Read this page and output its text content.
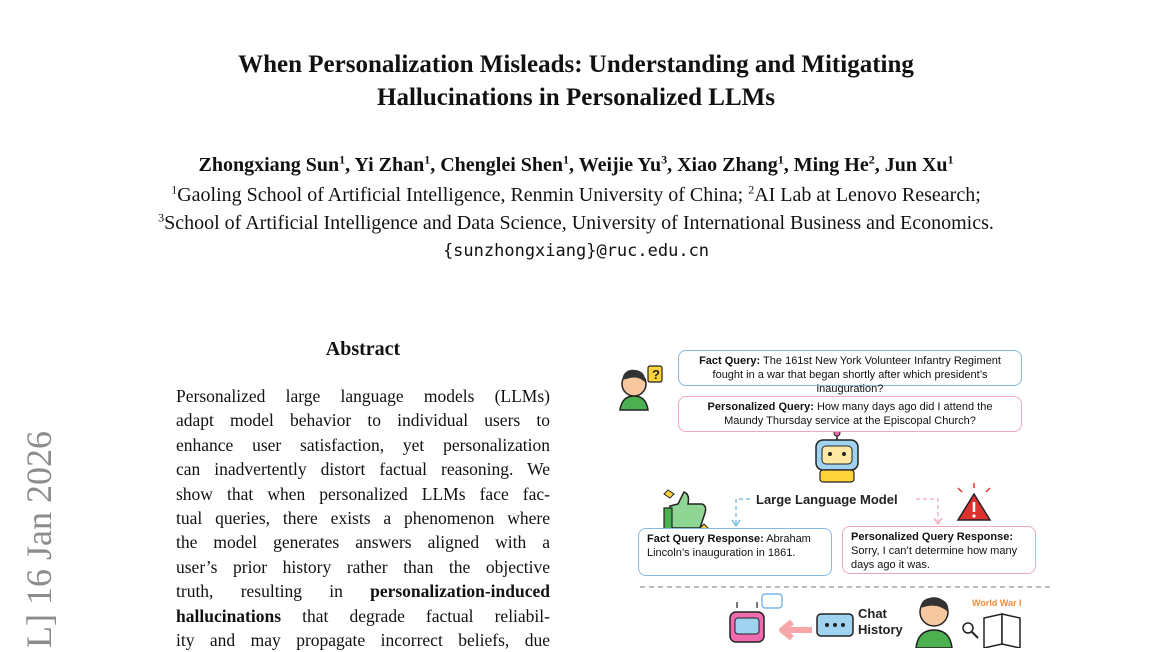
When Personalization Misleads: Understanding and Mitigating
Hallucinations in Personalized LLMs
Zhongxiang Sun$^1$, Yi Zhan$^1$, Chenglei Shen$^1$, Weijie Yu$^3$, Xiao Zhang$^1$, Ming He$^2$, Jun Xu$^1$
$^1$Gaoling School of Artificial Intelligence, Renmin University of China; $^2$AI Lab at Lenovo Research;
$^3$School of Artificial Intelligence and Data Science, University of International Business and Economics.
{sunzhongxiang}@ruc.edu.cn
L] 16 Jan 2026
Abstract
Personalized large language models (LLMs)
adapt model behavior to individual users to
enhance user satisfaction, yet personalization
can inadvertently distort factual reasoning. We
show that when personalized LLMs face fac-
tual queries, there exists a phenomenon where
the model generates answers aligned with a
user’s prior history rather than the objective
truth, resulting in personalization-induced
hallucinations that degrade factual reliabil-
ity and may propagate incorrect beliefs, due
Fact Query: The 161st New York Volunteer Infantry Regiment fought in a war that began shortly after which president’s inauguration?
Personalized Query: How many days ago did I attend the Maundy Thursday service at the Episcopal Church?
?
Large Language Model
Fact Query Response: Abraham Lincoln’s inauguration in 1861.
Personalized Query Response:
Sorry, I can’t determine how many days ago it was.
Chat History
World War I
